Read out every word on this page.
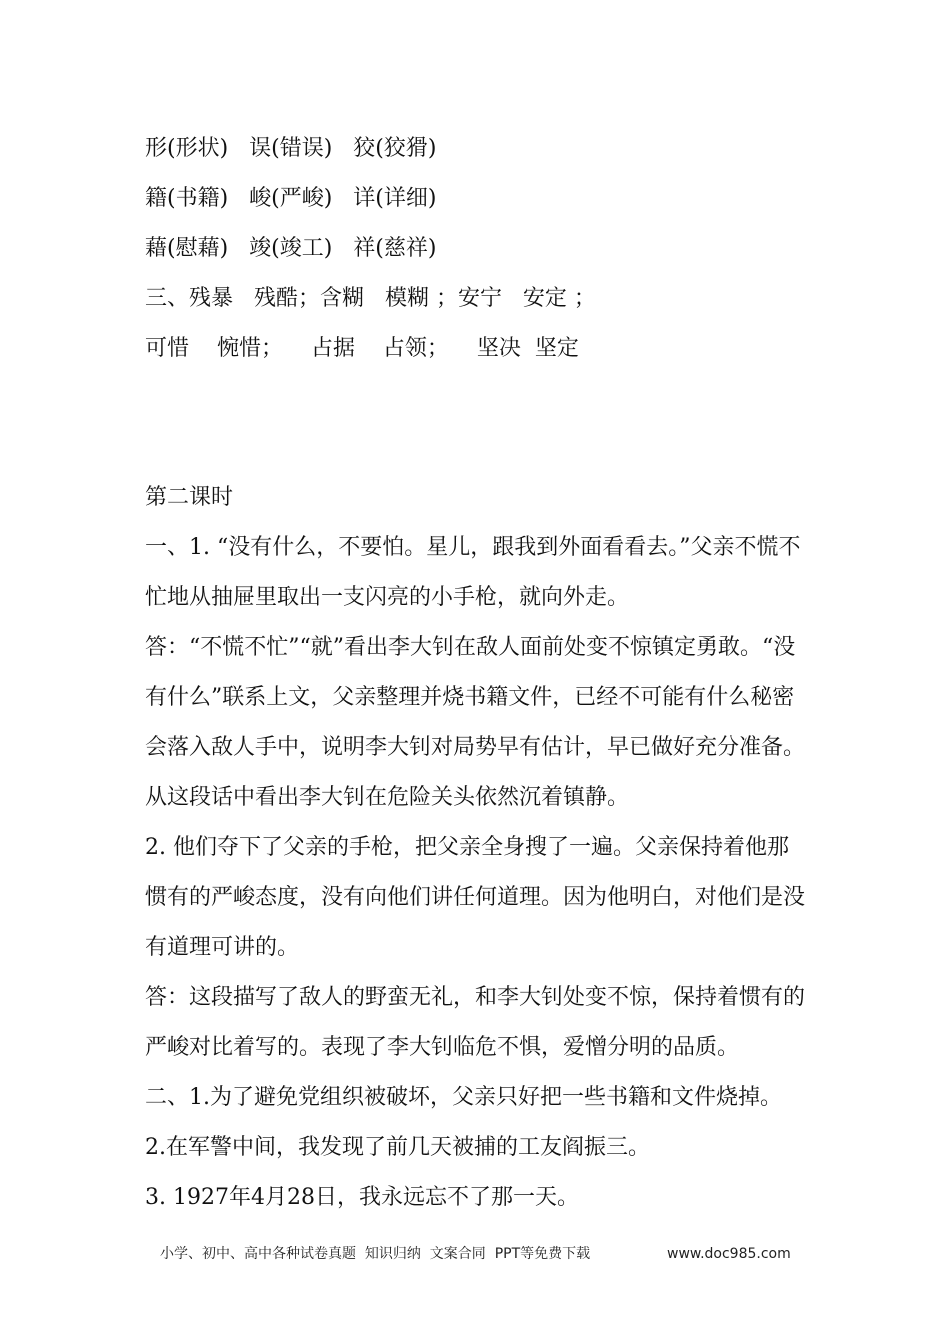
形(形状)   误(错误)   狡(狡猾)
籍(书籍)   峻(严峻)   详(详细)
藉(慰藉)   竣(竣工)   祥(慈祥)
三、残暴   残酷；含糊   模糊 ；安宁   安定 ；
可惜    惋惜；    占据    占领；    坚决  坚定
第二课时
一、1. “没有什么，不要怕。星儿，跟我到外面看看去。”父亲不慌不忙地从抽屉里取出一支闪亮的小手枪，就向外走。
答：“不慌不忙”“就”看出李大钊在敌人面前处变不惊镇定勇敢。“没有什么”联系上文，父亲整理并烧书籍文件，已经不可能有什么秘密会落入敌人手中，说明李大钊对局势早有估计，早已做好充分准备。从这段话中看出李大钊在危险关头依然沉着镇静。
2. 他们夺下了父亲的手枪，把父亲全身搜了一遍。父亲保持着他那惯有的严峻态度，没有向他们讲任何道理。因为他明白，对他们是没有道理可讲的。
答：这段描写了敌人的野蛮无礼，和李大钊处变不惊，保持着惯有的严峻对比着写的。表现了李大钊临危不惧，爱憎分明的品质。
二、1.为了避免党组织被破坏，父亲只好把一些书籍和文件烧掉。
2.在军警中间，我发现了前几天被捕的工友阎振三。
3. 1927年4月28日，我永远忘不了那一天。
小学、初中、高中各种试卷真题  知识归纳  文案合同  PPT等免费下载	www.doc985.com
